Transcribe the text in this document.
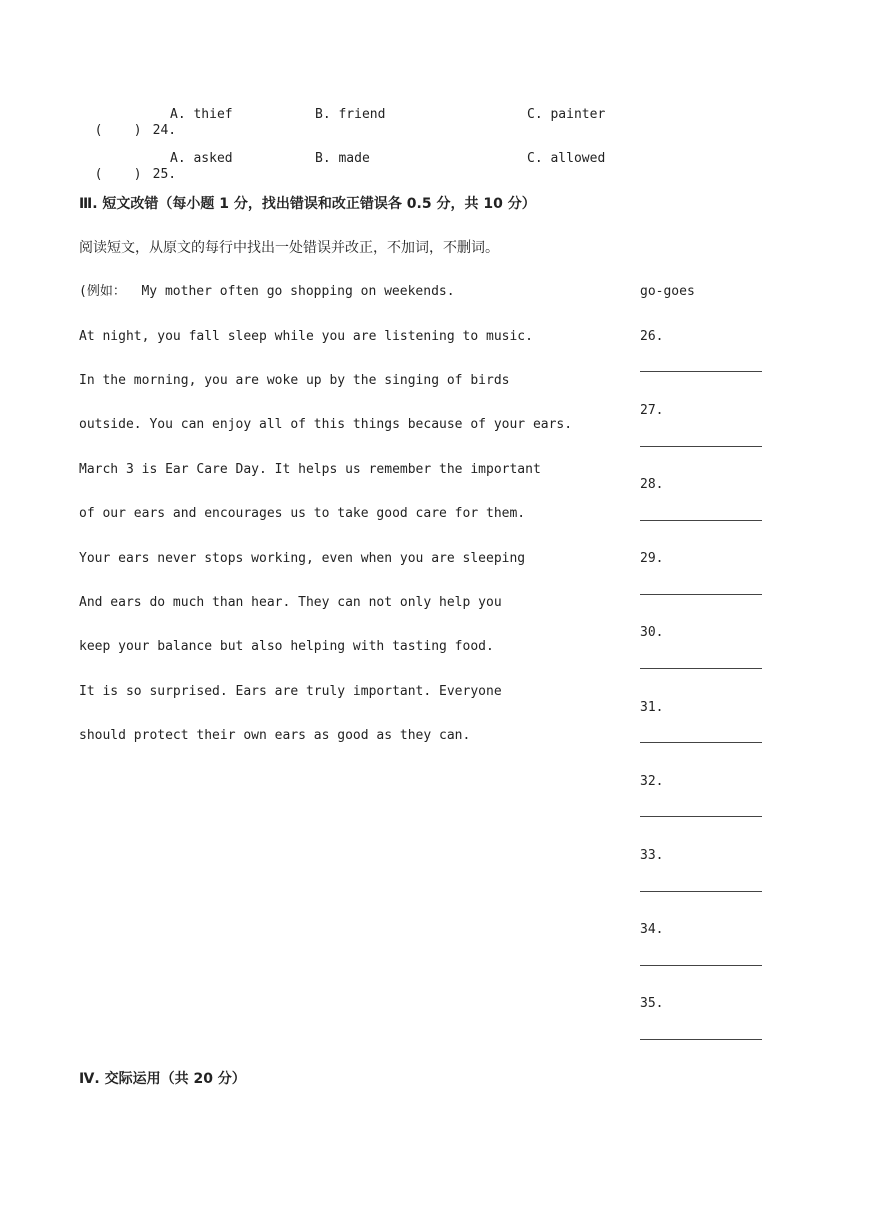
(    ) 24.

A. thief	B. friend	C. painter

(    ) 25.

A. asked	B. made	C. allowed
Ⅲ. 短文改错（每小题 1 分，找出错误和改正错误各 0.5 分，共 10 分）
阅读短文，从原文的每行中找出一处错误并改正，不加词，不删词。
(例如：  My mother often go shopping on weekends.	go-goes
At night, you fall sleep while you are listening to music.
In the morning, you are woke up by the singing of birds
outside. You can enjoy all of this things because of your ears.
March 3 is Ear Care Day. It helps us remember the important
of our ears and encourages us to take good care for them.
Your ears never stops working, even when you are sleeping
And ears do much than hear. They can not only help you
keep your balance but also helping with tasting food.
It is so surprised. Ears are truly important. Everyone
should protect their own ears as good as they can.
26.
27.
28.
29.
30.
31.
32.
33.
34.
35.
Ⅳ. 交际运用（共 20 分）
